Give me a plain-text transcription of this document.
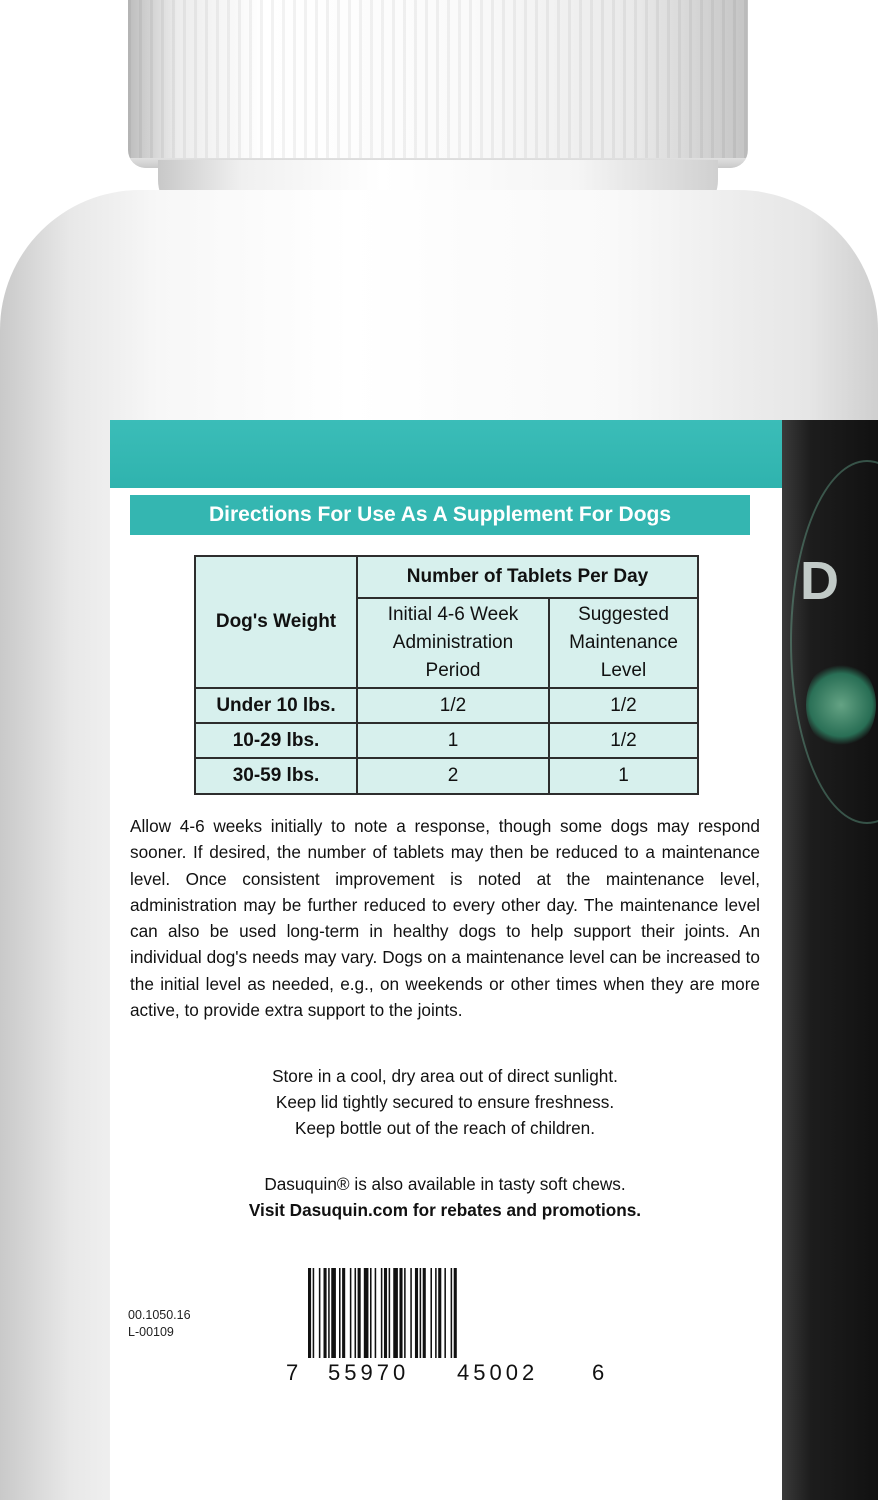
D
Directions For Use As A Supplement For Dogs
Dog's Weight	Number of Tablets Per Day	
	Initial 4-6 Week Administration Period	Suggested Maintenance Level
Under 10 lbs.	1/2	1/2
10-29 lbs.	1	1/2
30-59 lbs.	2	1

Allow 4-6 weeks initially to note a response, though some dogs may respond sooner. If desired, the number of tablets may then be reduced to a maintenance level. Once consistent improvement is noted at the maintenance level, administration may be further reduced to every other day. The maintenance level can also be used long-term in healthy dogs to help support their joints. An individual dog's needs may vary. Dogs on a maintenance level can be increased to the initial level as needed, e.g., on weekends or other times when they are more active, to provide extra support to the joints.

Store in a cool, dry area out of direct sunlight.
Keep lid tightly secured to ensure freshness.
Keep bottle out of the reach of children.
Dasuquin® is also available in tasty soft chews.
Visit Dasuquin.com for rebates and promotions.
00.1050.16
L-00109
7 55970 45002 6
